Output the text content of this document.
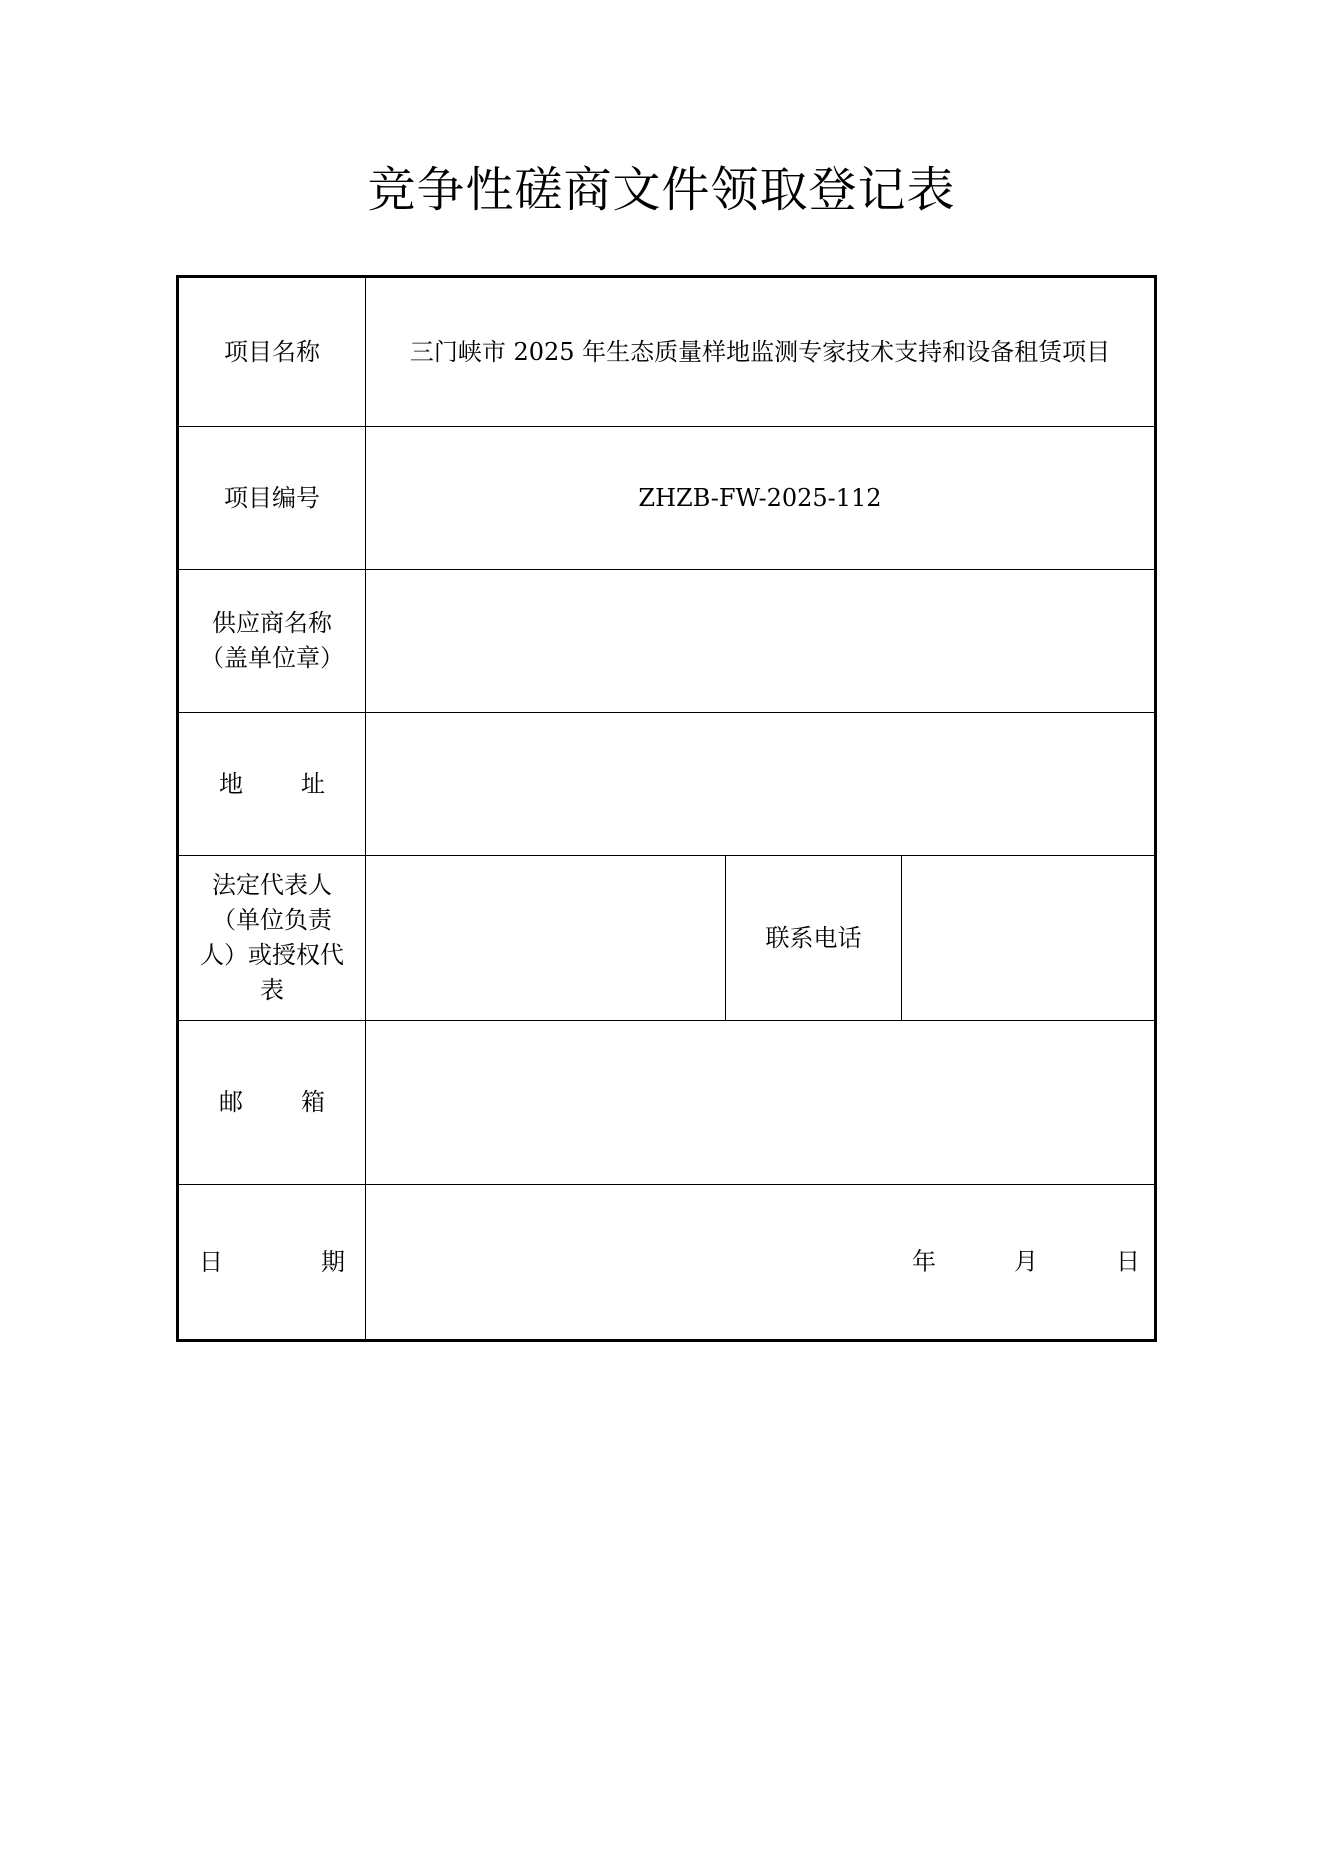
竞争性磋商文件领取登记表
项目名称	三门峡市 2025 年生态质量样地监测专家技术支持和设备租赁项目		

项目编号	ZHZB-FW-2025-112		

供应商名称
（盖单位章）			

地 址			

法定代表人
（单位负责
人）或授权代
表		联系电话	

邮 箱			

日 期	年 月 日		
